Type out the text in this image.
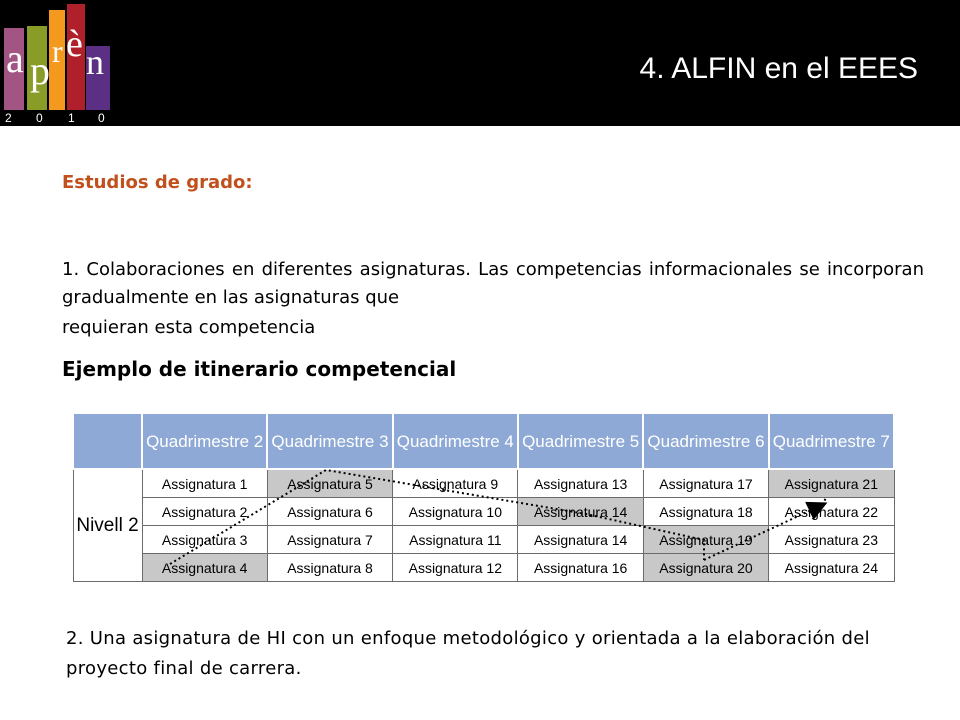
a p r è n
2 0 1 0
4. ALFIN en el EEES
Estudios de grado:
1. Colaboraciones en diferentes asignaturas. Las competencias informacionales se incorporan gradualmente en las asignaturas que
requieran esta competencia
Ejemplo de itinerario competencial
	Quadrimestre 2	Quadrimestre 3	Quadrimestre 4	Quadrimestre 5	Quadrimestre 6	Quadrimestre 7
Nivell 2	Assignatura 1	Assignatura 5	Assignatura 9	Assignatura 13	Assignatura 17	Assignatura 21
	Assignatura 2	Assignatura 6	Assignatura 10	Assignatura 14	Assignatura 18	Assignatura 22
	Assignatura 3	Assignatura 7	Assignatura 11	Assignatura 14	Assignatura 19	Assignatura 23
	Assignatura 4	Assignatura 8	Assignatura 12	Assignatura 16	Assignatura 20	Assignatura 24
2. Una asignatura de HI con un enfoque metodológico y orientada a la elaboración del proyecto final de carrera.
